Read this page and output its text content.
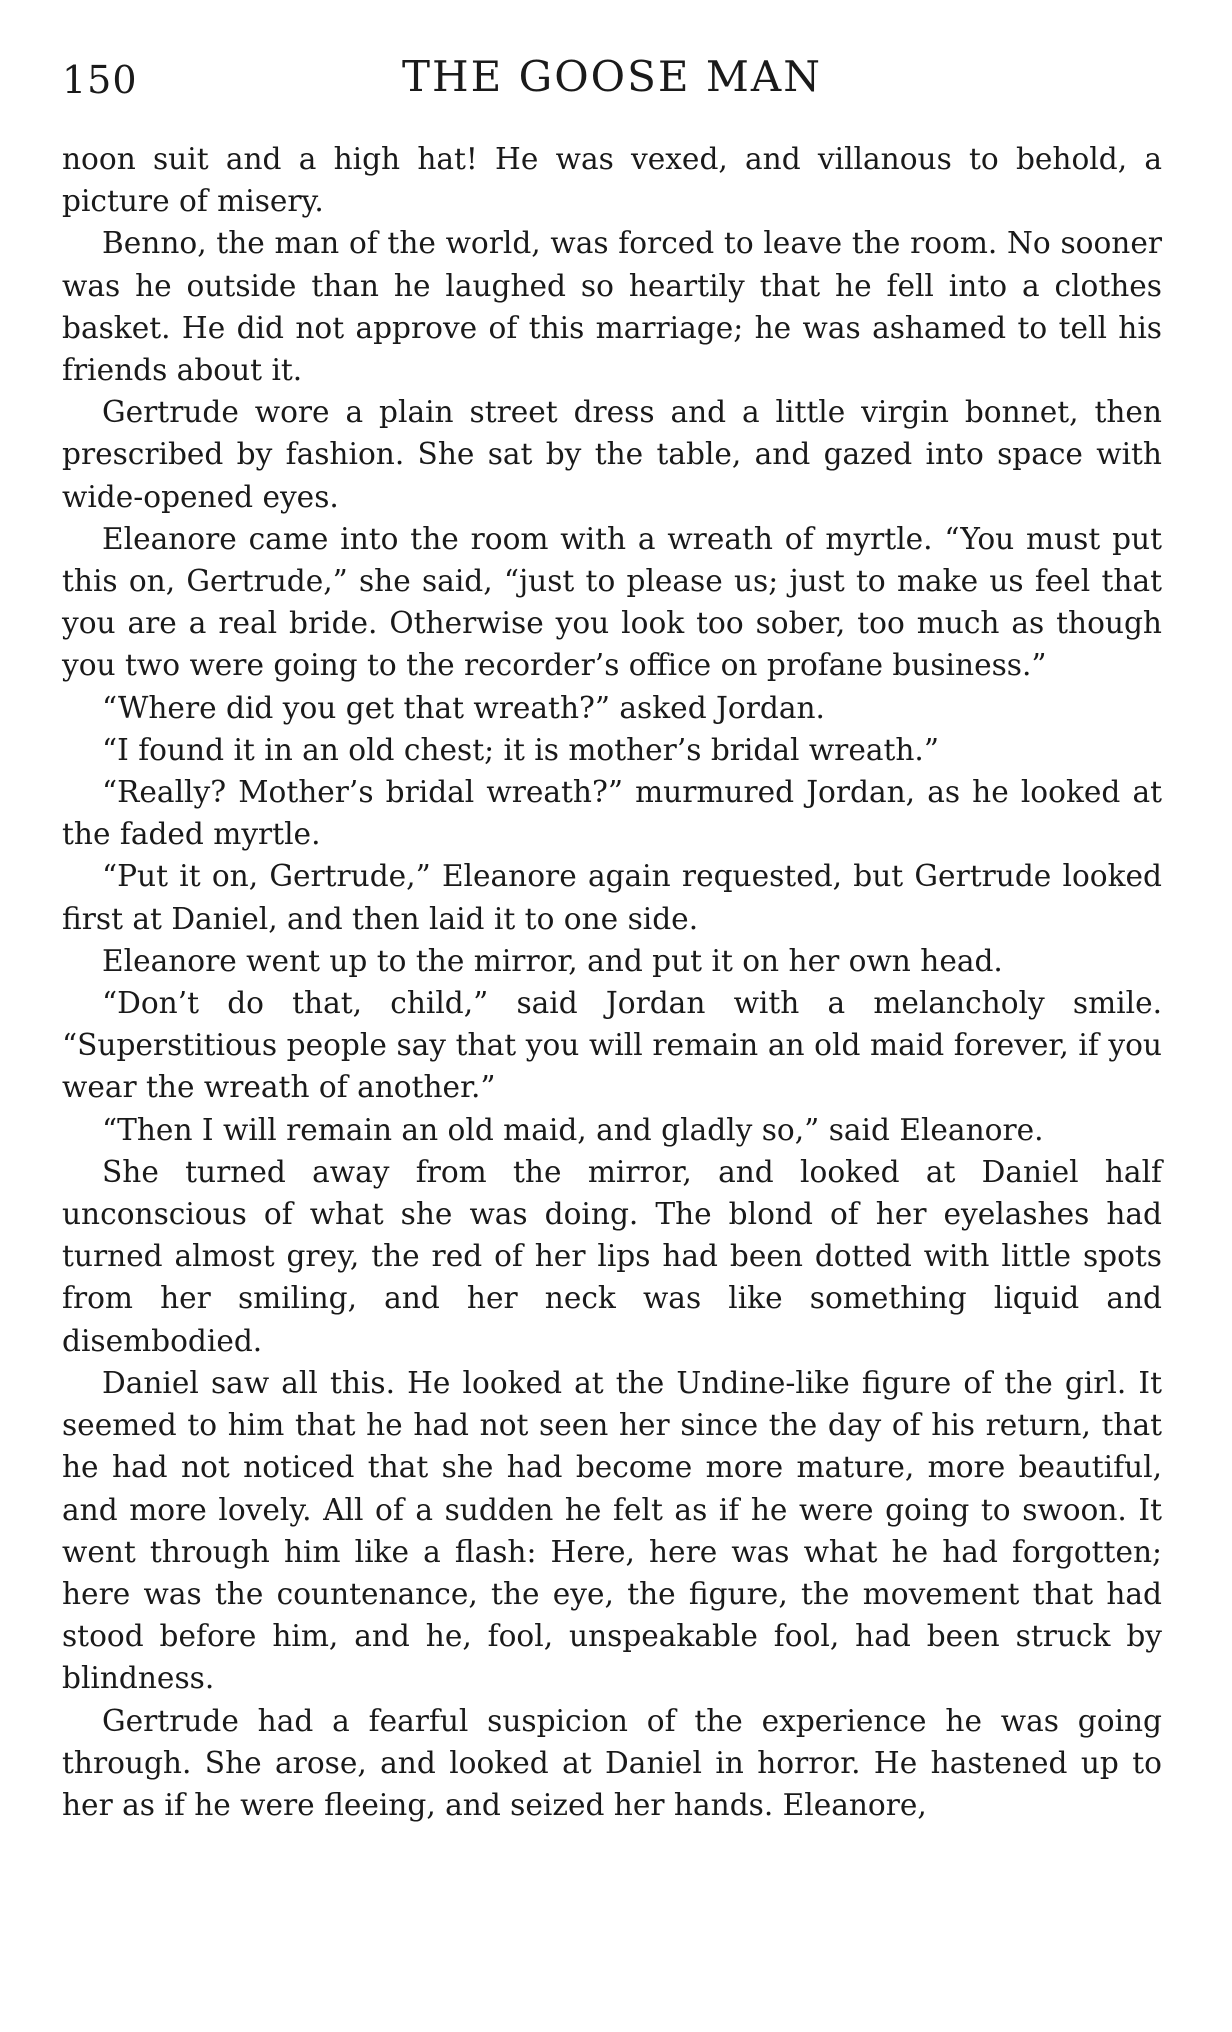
150	THE GOOSE MAN

noon suit and a high hat! He was vexed, and villanous to behold, a picture of misery.

Benno, the man of the world, was forced to leave the room. No sooner was he outside than he laughed so heartily that he fell into a clothes basket. He did not approve of this marriage; he was ashamed to tell his friends about it.

Gertrude wore a plain street dress and a little virgin bonnet, then prescribed by fashion. She sat by the table, and gazed into space with wide-opened eyes.

Eleanore came into the room with a wreath of myrtle. “You must put this on, Gertrude,” she said, “just to please us; just to make us feel that you are a real bride. Otherwise you look too sober, too much as though you two were going to the recorder’s office on profane business.”

“Where did you get that wreath?” asked Jordan.

“I found it in an old chest; it is mother’s bridal wreath.”

“Really? Mother’s bridal wreath?” murmured Jordan, as he looked at the faded myrtle.

“Put it on, Gertrude,” Eleanore again requested, but Gertrude looked first at Daniel, and then laid it to one side.

Eleanore went up to the mirror, and put it on her own head.

“Don’t do that, child,” said Jordan with a melancholy smile. “Superstitious people say that you will remain an old maid forever, if you wear the wreath of another.”

“Then I will remain an old maid, and gladly so,” said Eleanore.

She turned away from the mirror, and looked at Daniel half unconscious of what she was doing. The blond of her eyelashes had turned almost grey, the red of her lips had been dotted with little spots from her smiling, and her neck was like something liquid and disembodied.

Daniel saw all this. He looked at the Undine-like figure of the girl. It seemed to him that he had not seen her since the day of his return, that he had not noticed that she had become more mature, more beautiful, and more lovely. All of a sudden he felt as if he were going to swoon. It went through him like a flash: Here, here was what he had forgotten; here was the countenance, the eye, the figure, the movement that had stood before him, and he, fool, unspeakable fool, had been struck by blindness.

Gertrude had a fearful suspicion of the experience he was going through. She arose, and looked at Daniel in horror. He hastened up to her as if he were fleeing, and seized her hands. Eleanore,
